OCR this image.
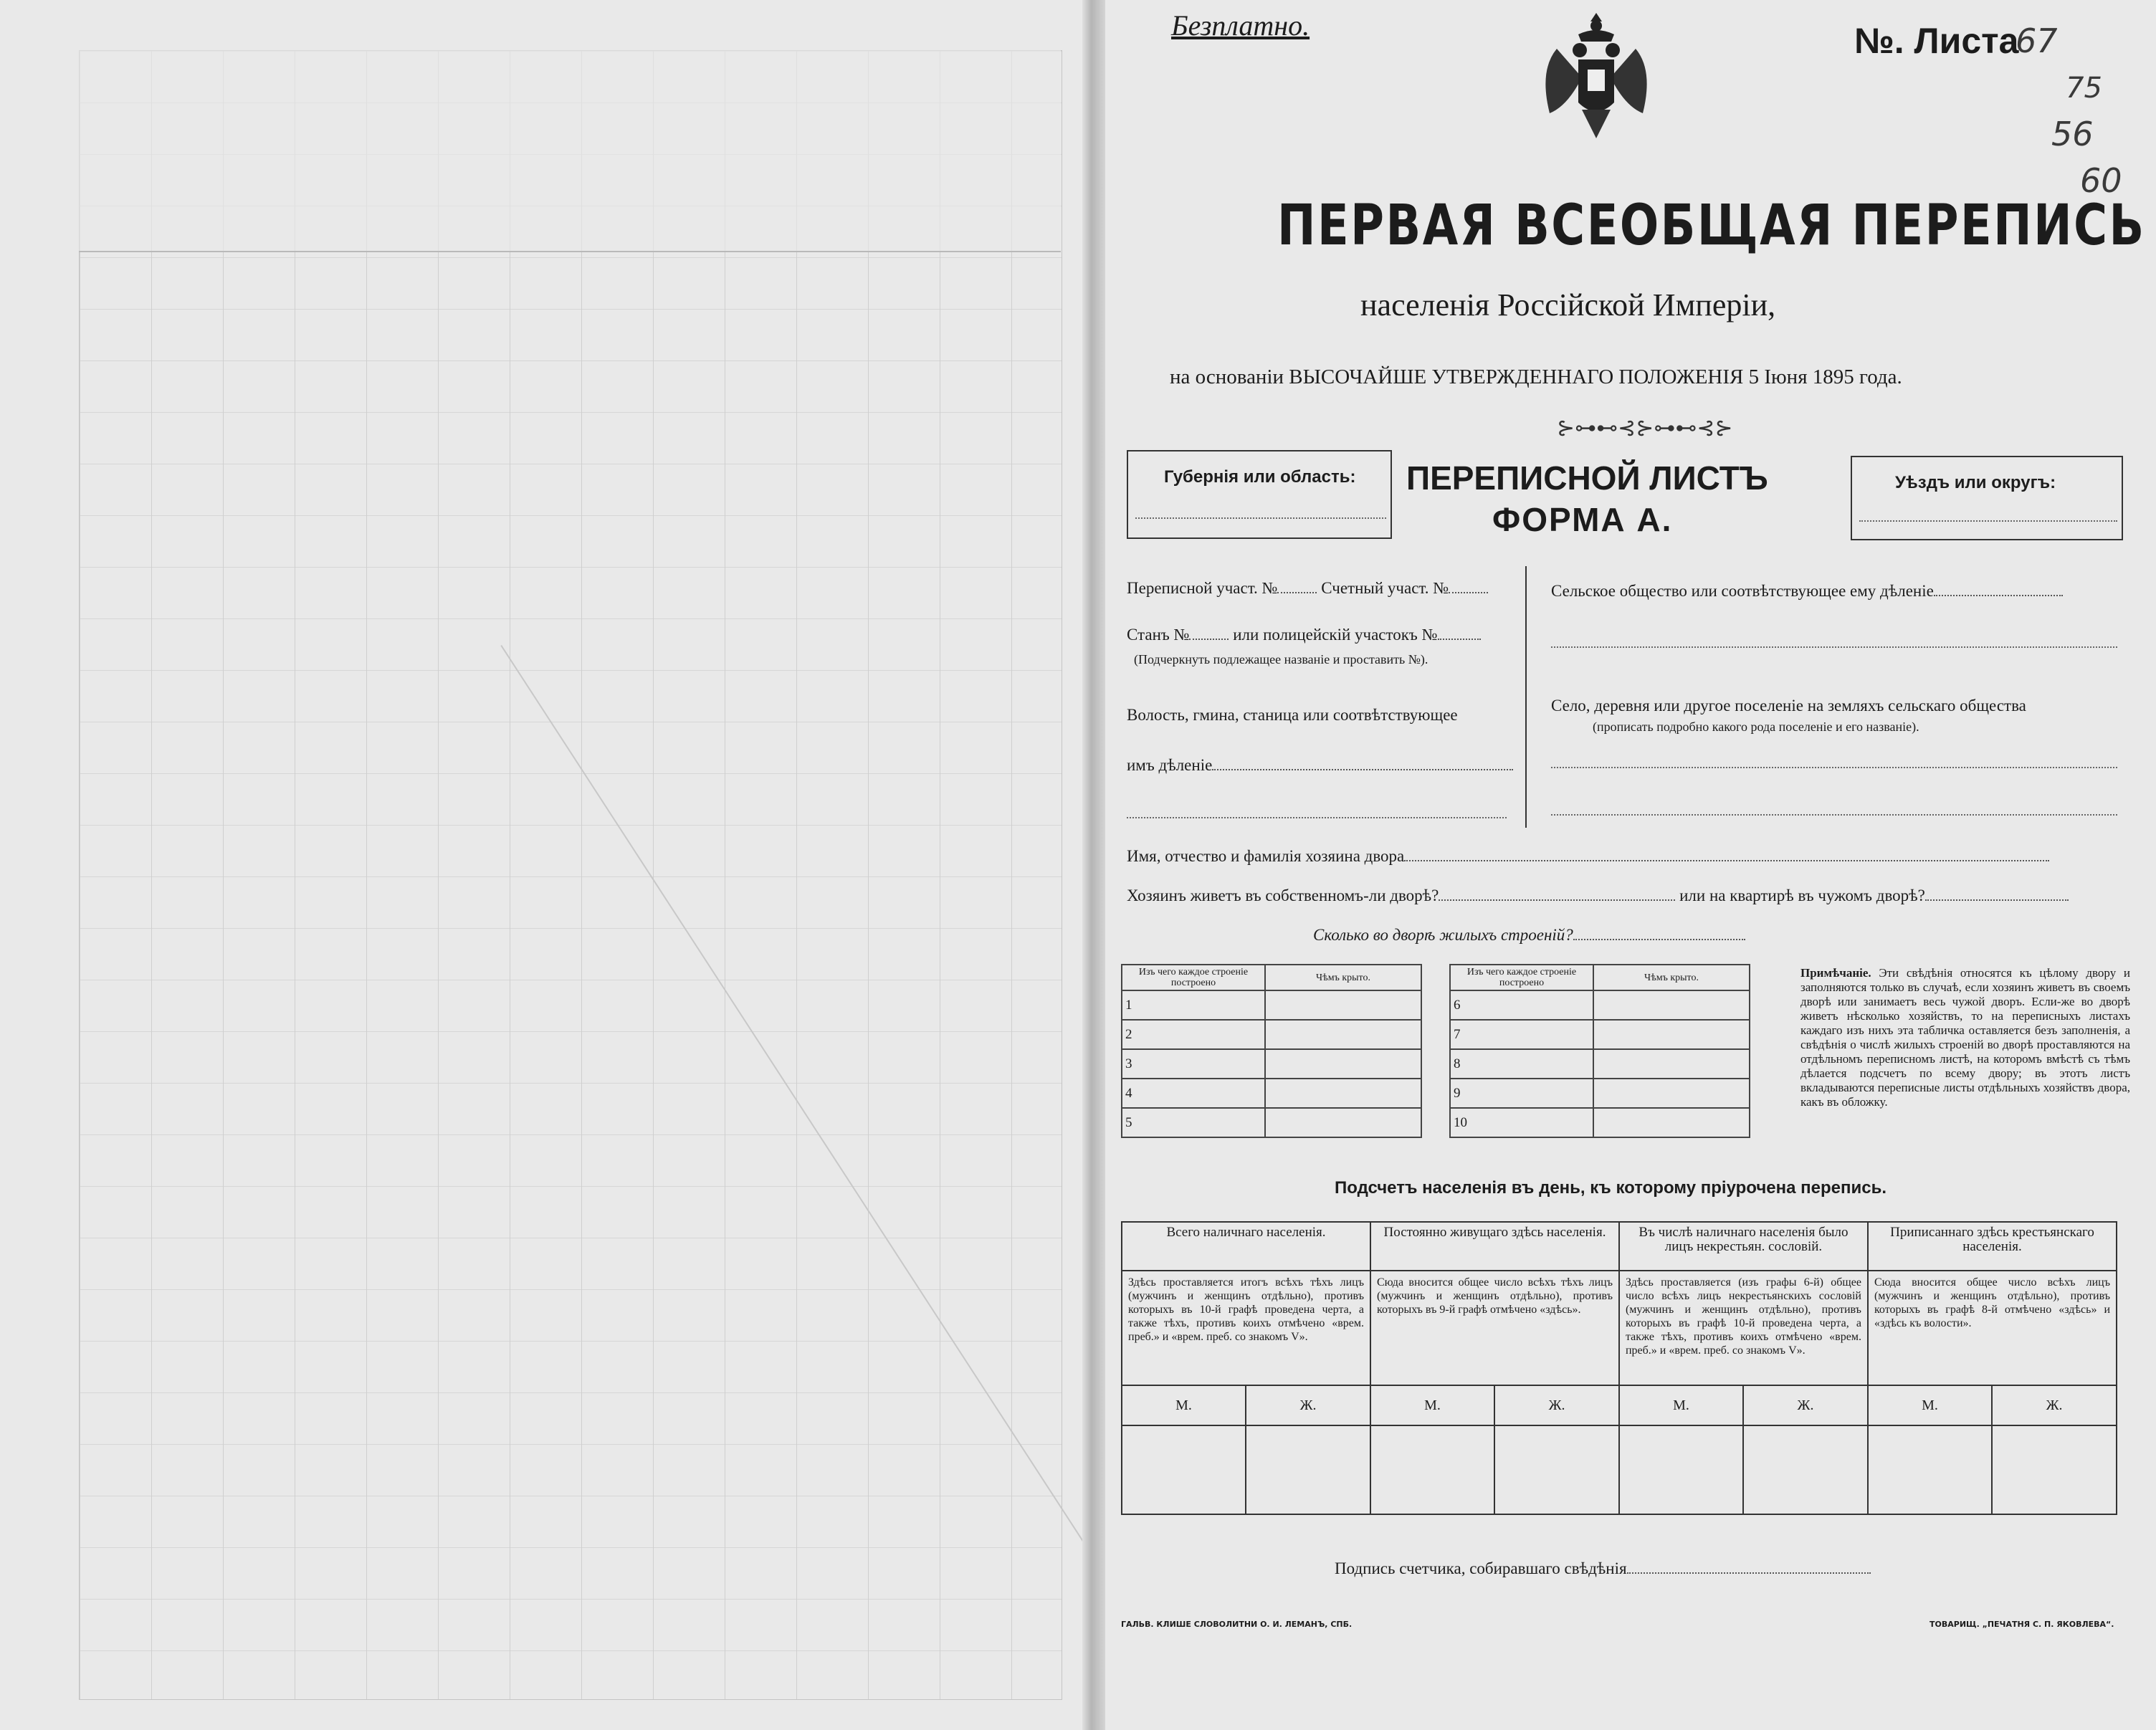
Безплатно.	№. Листа
67
75
56
60
ПЕРВАЯ ВСЕОБЩАЯ ПЕРЕПИСЬ
населенія Россійской Имперіи,
на основаніи ВЫСОЧАЙШЕ УТВЕРЖДЕННАГО ПОЛОЖЕНІЯ 5 Іюня 1895 года.
⊱⊶⊷⊰⊱⊶⊷⊰⊱
Губернія или область: ПЕРЕПИСНОЙ ЛИСТЪ
ФОРМА А.
Уѣздъ или округъ:
Переписной участ. №	Счетный участ. №
Станъ №	или полицейскій участокъ №
(Подчеркнуть подлежащее названіе и проставить №).
Волость, гмина, станица или соотвѣтствующее
имъ дѣленіе
Сельское общество или соотвѣтствующее ему дѣленіе
Село, деревня или другое поселеніе на земляхъ сельскаго общества
(прописать подробно какого рода поселеніе и его названіе).
Имя, отчество и фамилія хозяина двора
Хозяинъ живетъ въ собственномъ-ли дворѣ?	или на квартирѣ въ чужомъ дворѣ?
Сколько во дворѣ жилыхъ строеній?
Изъ чего каждое строеніе построено	Чѣмъ крыто.
1	
2	
3	
4	
5	
Изъ чего каждое строеніе построено	Чѣмъ крыто.
6	
7	
8	
9	
10	
Примѣчаніе. Эти свѣдѣнія относятся къ цѣлому двору и заполняются только въ случаѣ, если хозяинъ живетъ въ своемъ дворѣ или занимаетъ весь чужой дворъ. Если-же во дворѣ живетъ нѣсколько хозяйствъ, то на переписныхъ листахъ каждаго изъ нихъ эта табличка оставляется безъ заполненія, а свѣдѣнія о числѣ жилыхъ строеній во дворѣ проставляются на отдѣльномъ переписномъ листѣ, на которомъ вмѣстѣ съ тѣмъ дѣлается подсчетъ по всему двору; въ этотъ листъ вкладываются переписные листы отдѣльныхъ хозяйствъ двора, какъ въ обложку.
Подсчетъ населенія въ день, къ которому пріурочена перепись.
Всего наличнаго населенія.		Постоянно живущаго здѣсь населенія.		Въ числѣ наличнаго населенія было лицъ некрестьян. сословій.		Приписаннаго здѣсь крестьянскаго населенія.	
Здѣсь проставляется итогъ всѣхъ тѣхъ лицъ (мужчинъ и женщинъ отдѣльно), противъ которыхъ въ 10-й графѣ проведена черта, а также тѣхъ, противъ коихъ отмѣчено «врем. преб.» и «врем. преб. со знакомъ V».		Сюда вносится общее число всѣхъ тѣхъ лицъ (мужчинъ и женщинъ отдѣльно), противъ которыхъ въ 9-й графѣ отмѣчено «здѣсь».		Здѣсь проставляется (изъ графы 6-й) общее число всѣхъ лицъ некрестьянскихъ сословій (мужчинъ и женщинъ отдѣльно), противъ которыхъ въ графѣ 10-й проведена черта, а также тѣхъ, противъ коихъ отмѣчено «врем. преб.» и «врем. преб. со знакомъ V».		Сюда вносится общее число всѣхъ лицъ (мужчинъ и женщинъ отдѣльно), противъ которыхъ въ графѣ 8-й отмѣчено «здѣсь» и «здѣсь къ волости».	
М.	Ж.	М.	Ж.	М.	Ж.	М.	Ж.

Подпись счетчика, собиравшаго свѣдѣнія
ГАЛЬВ. КЛИШЕ СЛОВОЛИТНИ О. И. ЛЕМАНЪ, СПБ.	ТОВАРИЩ. „ПЕЧАТНЯ С. П. ЯКОВЛЕВА“.
